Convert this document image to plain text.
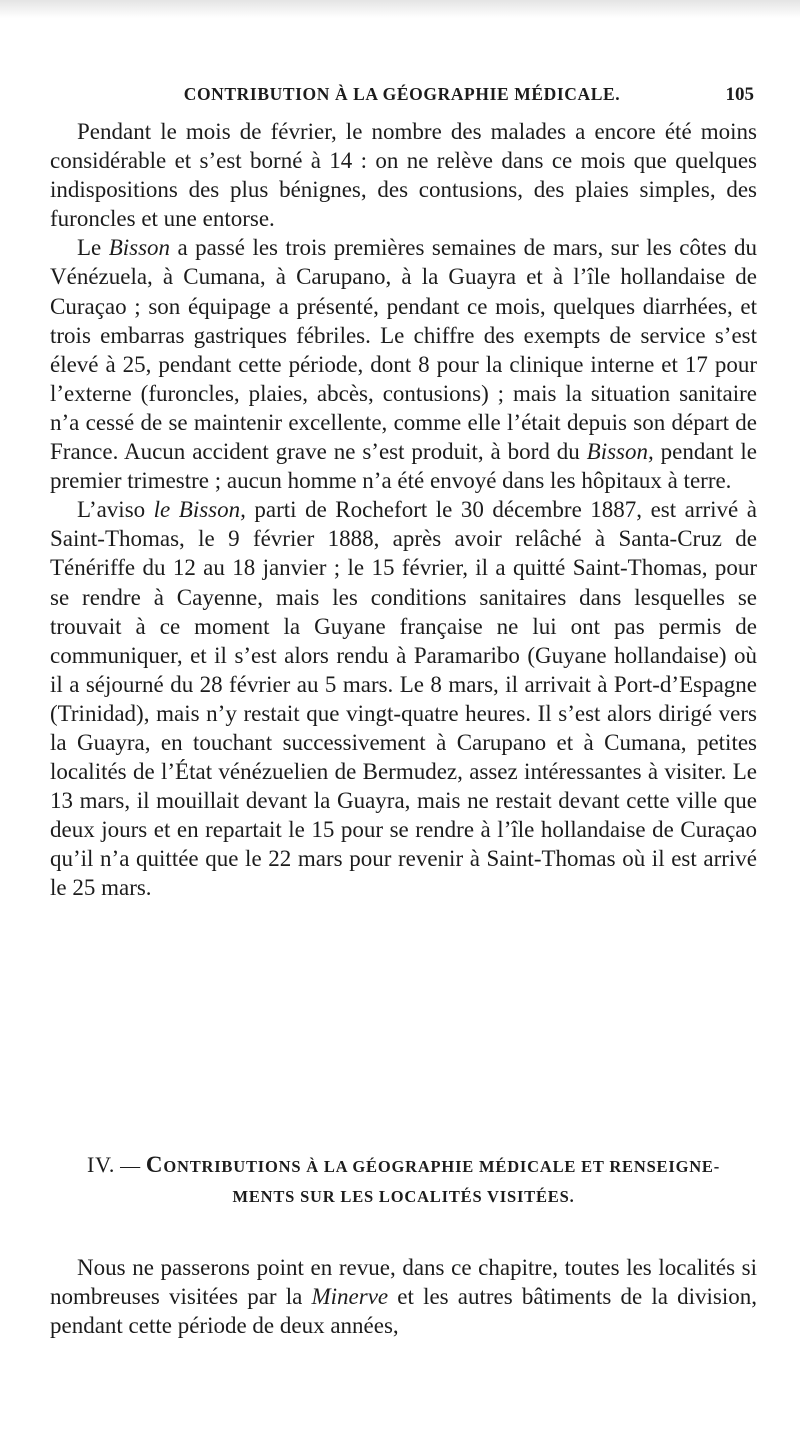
CONTRIBUTION À LA GÉOGRAPHIE MÉDICALE.	105

Pendant le mois de février, le nombre des malades a encore été moins considérable et s’est borné à 14 : on ne relève dans ce mois que quelques indispositions des plus bénignes, des contusions, des plaies simples, des furoncles et une entorse.

Le Bisson a passé les trois premières semaines de mars, sur les côtes du Vénézuela, à Cumana, à Carupano, à la Guayra et à l’île hollandaise de Curaçao ; son équipage a présenté, pendant ce mois, quelques diarrhées, et trois embarras gastriques fébriles. Le chiffre des exempts de service s’est élevé à 25, pendant cette période, dont 8 pour la clinique interne et 17 pour l’externe (furoncles, plaies, abcès, contusions) ; mais la situation sanitaire n’a cessé de se maintenir excellente, comme elle l’était depuis son départ de France. Aucun accident grave ne s’est produit, à bord du Bisson, pendant le premier trimestre ; aucun homme n’a été envoyé dans les hôpitaux à terre.

L’aviso le Bisson, parti de Rochefort le 30 décembre 1887, est arrivé à Saint-Thomas, le 9 février 1888, après avoir relâché à Santa-Cruz de Ténériffe du 12 au 18 janvier ; le 15 février, il a quitté Saint-Thomas, pour se rendre à Cayenne, mais les conditions sanitaires dans lesquelles se trouvait à ce moment la Guyane française ne lui ont pas permis de communiquer, et il s’est alors rendu à Paramaribo (Guyane hollandaise) où il a séjourné du 28 février au 5 mars. Le 8 mars, il arrivait à Port-d’Espagne (Trinidad), mais n’y restait que vingt-quatre heures. Il s’est alors dirigé vers la Guayra, en touchant successivement à Carupano et à Cumana, petites localités de l’État vénézuelien de Bermudez, assez intéressantes à visiter. Le 13 mars, il mouillait devant la Guayra, mais ne restait devant cette ville que deux jours et en repartait le 15 pour se rendre à l’île hollandaise de Curaçao qu’il n’a quittée que le 22 mars pour revenir à Saint-Thomas où il est arrivé le 25 mars.

IV. — CONTRIBUTIONS À LA GÉOGRAPHIE MÉDICALE ET RENSEIGNE-
MENTS SUR LES LOCALITÉS VISITÉES.

Nous ne passerons point en revue, dans ce chapitre, toutes les localités si nombreuses visitées par la Minerve et les autres bâtiments de la division, pendant cette période de deux années,
